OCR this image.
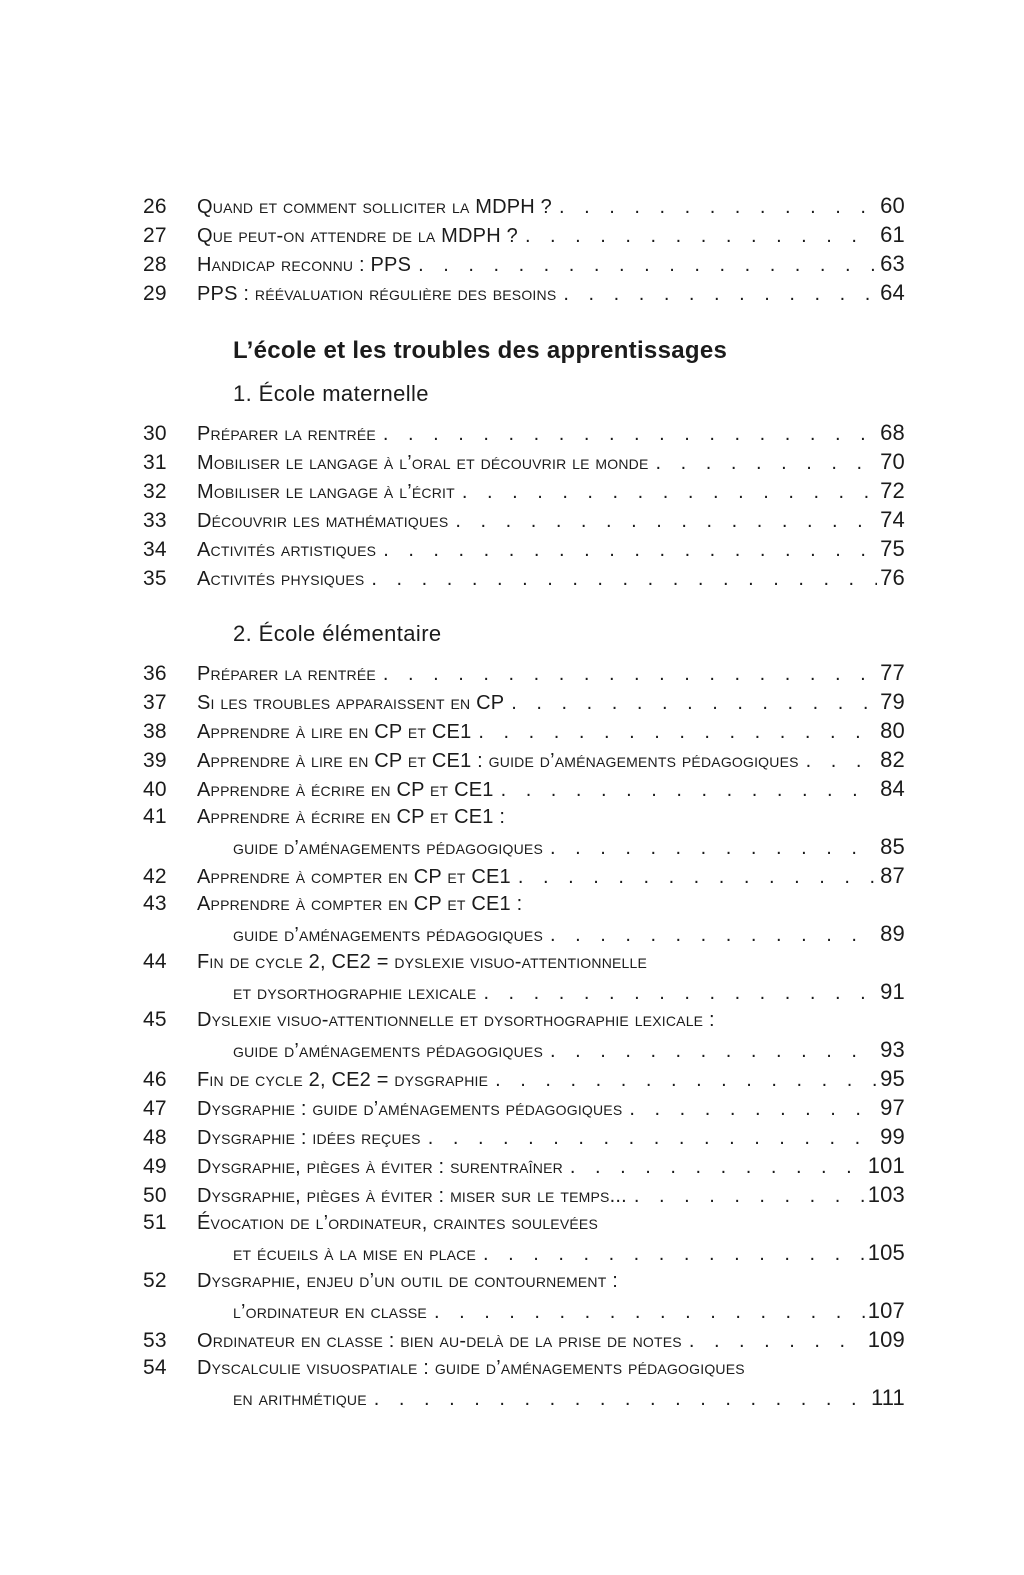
26	Quand et comment solliciter la MDPH ? . . .	60
27	Que peut-on attendre de la MDPH ? . . .	61
28	Handicap reconnu : PPS . . .	63
29	PPS : réévaluation régulière des besoins . . .	64
L’école et les troubles des apprentissages
1. École maternelle
30	Préparer la rentrée . . .	68
31	Mobiliser le langage à l’oral et découvrir le monde . . .	70
32	Mobiliser le langage à l’écrit . . .	72
33	Découvrir les mathématiques . . .	74
34	Activités artistiques . . .	75
35	Activités physiques . . .	76
2. École élémentaire
36	Préparer la rentrée . . .	77
37	Si les troubles apparaissent en CP . . .	79
38	Apprendre à lire en CP et CE1 . . .	80
39	Apprendre à lire en CP et CE1 : guide d’aménagements pédagogiques . . .	82
40	Apprendre à écrire en CP et CE1 . . .	84
41	Apprendre à écrire en CP et CE1 :
guide d’aménagements pédagogiques . . .	85
42	Apprendre à compter en CP et CE1 . . .	87
43	Apprendre à compter en CP et CE1 :
guide d’aménagements pédagogiques . . .	89
44	Fin de cycle 2, CE2 = dyslexie visuo-attentionnelle
et dysorthographie lexicale . . .	91
45	Dyslexie visuo-attentionnelle et dysorthographie lexicale :
guide d’aménagements pédagogiques . . .	93
46	Fin de cycle 2, CE2 = dysgraphie . . .	95
47	Dysgraphie : guide d’aménagements pédagogiques . . .	97
48	Dysgraphie : idées reçues . . .	99
49	Dysgraphie, pièges à éviter : surentraîner . . .	101
50	Dysgraphie, pièges à éviter : miser sur le temps... . . .	103
51	Évocation de l’ordinateur, craintes soulevées
et écueils à la mise en place . . .	105
52	Dysgraphie, enjeu d’un outil de contournement :
l’ordinateur en classe . . .	107
53	Ordinateur en classe : bien au-delà de la prise de notes . . .	109
54	Dyscalculie visuospatiale : guide d’aménagements pédagogiques
en arithmétique . . .	111
